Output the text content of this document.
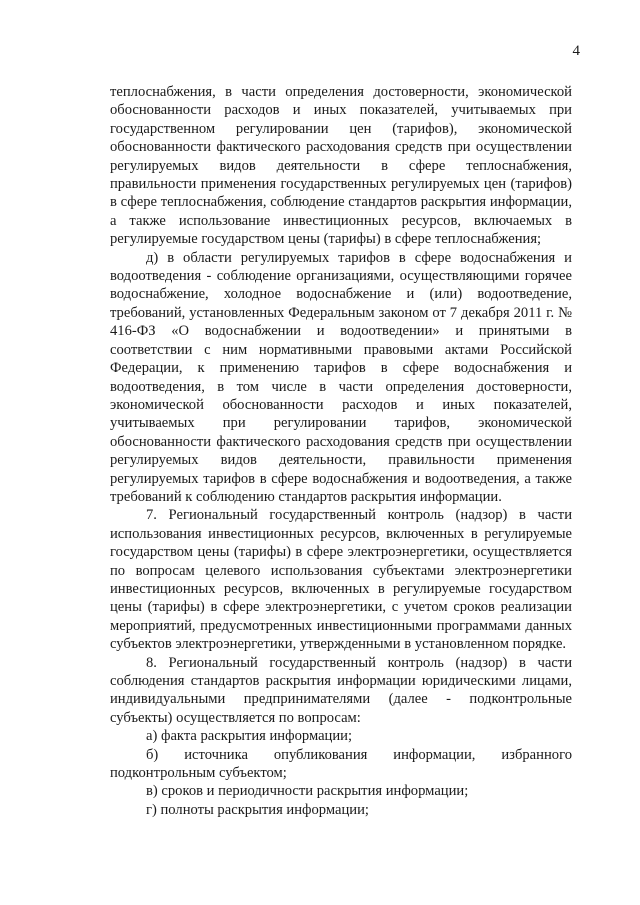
4

теплоснабжения, в части определения достоверности, экономической обоснованности расходов и иных показателей, учитываемых при государственном регулировании цен (тарифов), экономической обоснованности фактического расходования средств при осуществлении регулируемых видов деятельности в сфере теплоснабжения, правильности применения государственных регулируемых цен (тарифов) в сфере теплоснабжения, соблюдение стандартов раскрытия информации, а также использование инвестиционных ресурсов, включаемых в регулируемые государством цены (тарифы) в сфере теплоснабжения;

д) в области регулируемых тарифов в сфере водоснабжения и водоотведения - соблюдение организациями, осуществляющими горячее водоснабжение, холодное водоснабжение и (или) водоотведение, требований, установленных Федеральным законом от 7 декабря 2011 г. № 416-ФЗ «О водоснабжении и водоотведении» и принятыми в соответствии с ним нормативными правовыми актами Российской Федерации, к применению тарифов в сфере водоснабжения и водоотведения, в том числе в части определения достоверности, экономической обоснованности расходов и иных показателей, учитываемых при регулировании тарифов, экономической обоснованности фактического расходования средств при осуществлении регулируемых видов деятельности, правильности применения регулируемых тарифов в сфере водоснабжения и водоотведения, а также требований к соблюдению стандартов раскрытия информации.

7. Региональный государственный контроль (надзор) в части использования инвестиционных ресурсов, включенных в регулируемые государством цены (тарифы) в сфере электроэнергетики, осуществляется по вопросам целевого использования субъектами электроэнергетики инвестиционных ресурсов, включенных в регулируемые государством цены (тарифы) в сфере электроэнергетики, с учетом сроков реализации мероприятий, предусмотренных инвестиционными программами данных субъектов электроэнергетики, утвержденными в установленном порядке.

8. Региональный государственный контроль (надзор) в части соблюдения стандартов раскрытия информации юридическими лицами, индивидуальными предпринимателями (далее - подконтрольные субъекты) осуществляется по вопросам:

а) факта раскрытия информации;

б) источника опубликования информации, избранного подконтрольным субъектом;

в) сроков и периодичности раскрытия информации;

г) полноты раскрытия информации;
